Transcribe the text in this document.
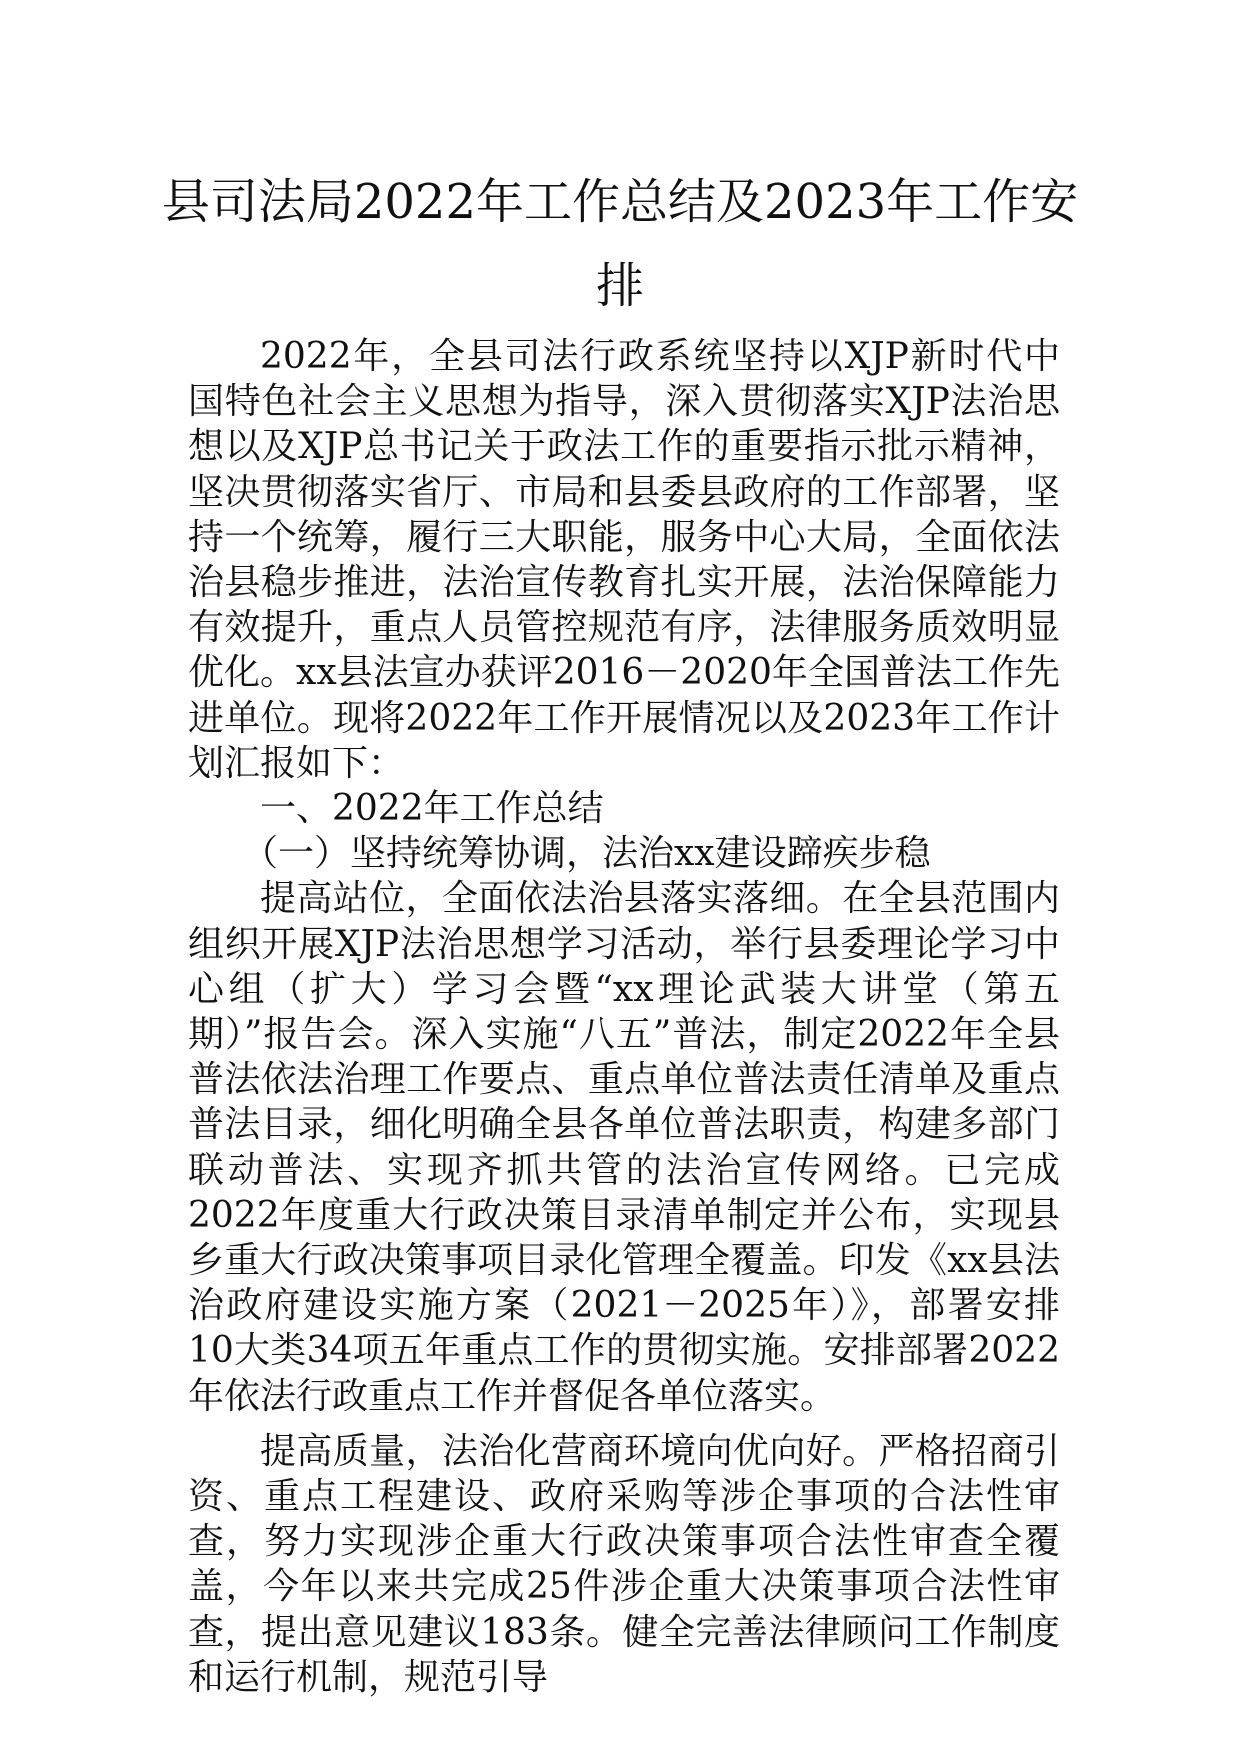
县司法局2022年工作总结及2023年工作安排

2022年，全县司法行政系统坚持以XJP新时代中国特色社会主义思想为指导，深入贯彻落实XJP法治思想以及XJP总书记关于政法工作的重要指示批示精神，坚决贯彻落实省厅、市局和县委县政府的工作部署，坚持一个统筹，履行三大职能，服务中心大局，全面依法治县稳步推进，法治宣传教育扎实开展，法治保障能力有效提升，重点人员管控规范有序，法律服务质效明显优化。xx县法宣办获评2016－2020年全国普法工作先进单位。现将2022年工作开展情况以及2023年工作计划汇报如下：

一、2022年工作总结

（一）坚持统筹协调，法治xx建设蹄疾步稳

提高站位，全面依法治县落实落细。在全县范围内组织开展XJP法治思想学习活动，举行县委理论学习中心组（扩大）学习会暨“xx理论武装大讲堂（第五期）”报告会。深入实施“八五”普法，制定2022年全县普法依法治理工作要点、重点单位普法责任清单及重点普法目录，细化明确全县各单位普法职责，构建多部门联动普法、实现齐抓共管的法治宣传网络。已完成2022年度重大行政决策目录清单制定并公布，实现县乡重大行政决策事项目录化管理全覆盖。印发《xx县法治政府建设实施方案（2021－2025年）》，部署安排10大类34项五年重点工作的贯彻实施。安排部署2022年依法行政重点工作并督促各单位落实。

提高质量，法治化营商环境向优向好。严格招商引资、重点工程建设、政府采购等涉企事项的合法性审查，努力实现涉企重大行政决策事项合法性审查全覆盖，今年以来共完成25件涉企重大决策事项合法性审查，提出意见建议183条。健全完善法律顾问工作制度和运行机制，规范引导
